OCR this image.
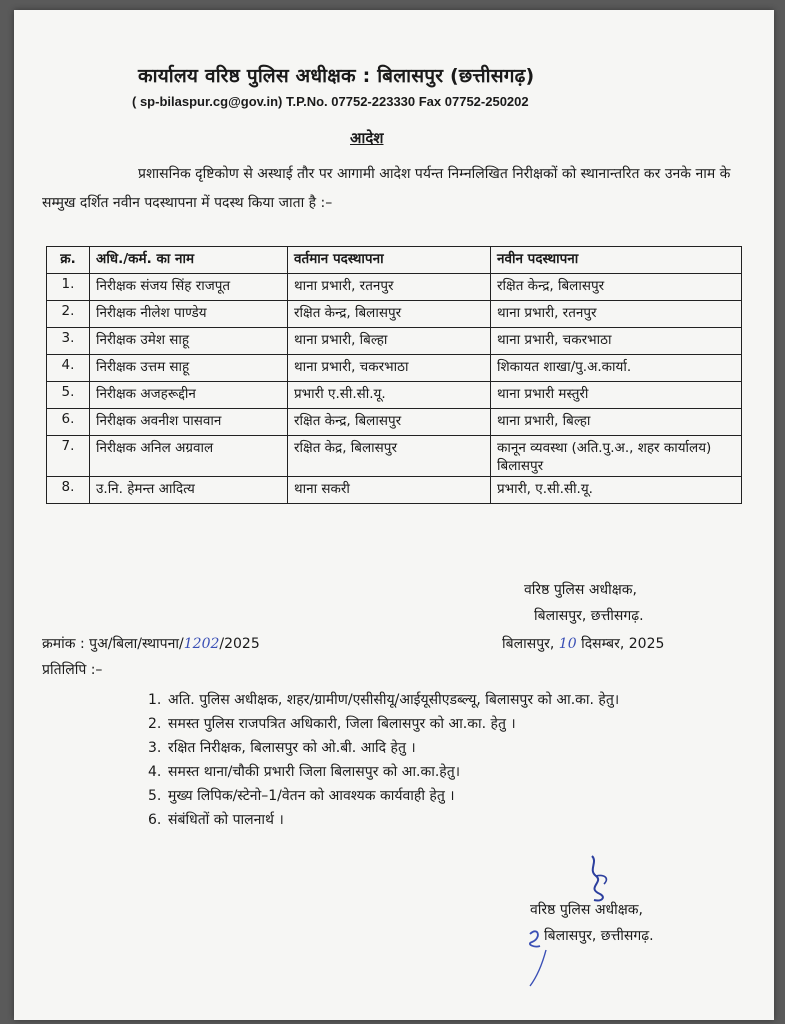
कार्यालय वरिष्ठ पुलिस अधीक्षक : बिलासपुर (छत्तीसगढ़)
( sp-bilaspur.cg@gov.in) T.P.No. 07752-223330 Fax 07752-250202
आदेश
प्रशासनिक दृष्टिकोण से अस्थाई तौर पर आगामी आदेश पर्यन्त निम्नलिखित निरीक्षकों को स्थानान्तरित कर उनके नाम के सम्मुख दर्शित नवीन पदस्थापना में पदस्थ किया जाता है :–
क्र.	अधि./कर्म. का नाम	वर्तमान पदस्थापना	नवीन पदस्थापना
1.	निरीक्षक संजय सिंह राजपूत	थाना प्रभारी, रतनपुर	रक्षित केन्द्र, बिलासपुर
2.	निरीक्षक नीलेश पाण्डेय	रक्षित केन्द्र, बिलासपुर	थाना प्रभारी, रतनपुर
3.	निरीक्षक उमेश साहू	थाना प्रभारी, बिल्हा	थाना प्रभारी, चकरभाठा
4.	निरीक्षक उत्तम साहू	थाना प्रभारी, चकरभाठा	शिकायत शाखा/पु.अ.कार्या.
5.	निरीक्षक अजहरूद्दीन	प्रभारी ए.सी.सी.यू.	थाना प्रभारी मस्तुरी
6.	निरीक्षक अवनीश पासवान	रक्षित केन्द्र, बिलासपुर	थाना प्रभारी, बिल्हा
7.	निरीक्षक अनिल अग्रवाल	रक्षित केद्र, बिलासपुर	कानून व्यवस्था (अति.पु.अ., शहर कार्यालय) बिलासपुर
8.	उ.नि. हेमन्त आदित्य	थाना सकरी	प्रभारी, ए.सी.सी.यू.
वरिष्ठ पुलिस अधीक्षक,
बिलासपुर, छत्तीसगढ़.
क्रमांक : पुअ/बिला/स्थापना/1202/2025	बिलासपुर, 10 दिसम्बर, 2025
प्रतिलिपि :–
1. अति. पुलिस अधीक्षक, शहर/ग्रामीण/एसीसीयू/आईयूसीएडब्ल्यू, बिलासपुर को आ.का. हेतु।
2. समस्त पुलिस राजपत्रित अधिकारी, जिला बिलासपुर को आ.का. हेतु ।
3. रक्षित निरीक्षक, बिलासपुर को ओ.बी. आदि हेतु ।
4. समस्त थाना/चौकी प्रभारी जिला बिलासपुर को आ.का.हेतु।
5. मुख्य लिपिक/स्टेनो–1/वेतन को आवश्यक कार्यवाही हेतु ।
6. संबंधितों को पालनार्थ ।
वरिष्ठ पुलिस अधीक्षक,
बिलासपुर, छत्तीसगढ़.
